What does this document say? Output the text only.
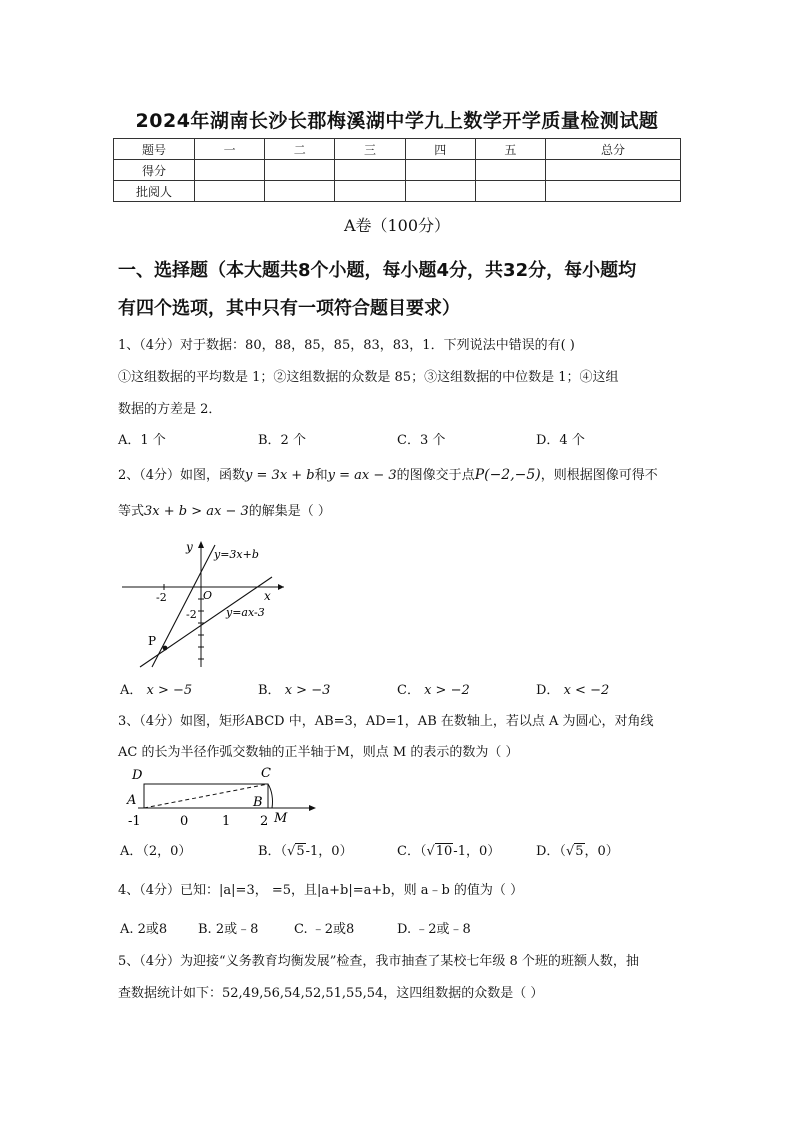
2024年湖南长沙长郡梅溪湖中学九上数学开学质量检测试题
题号	一	二	三	四	五	总分
得分						
批阅人						
A卷（100分）
一、选择题（本大题共8个小题，每小题4分，共32分，每小题均
有四个选项，其中只有一项符合题目要求）
1、（4分）对于数据：80，88，85，85，83，83，1．下列说法中错误的有( )
①这组数据的平均数是 1；②这组数据的众数是 85；③这组数据的中位数是 1；④这组
数据的方差是 2．
A．1 个	B．2 个	C．3 个	D．4 个
2、（4分）如图，函数y = 3x + b和y = ax − 3的图像交于点P(−2,−5)，则根据图像可得不
等式3x + b > ax − 3的解集是（ ）
y
x
O
y=3x+b
y=ax-3
-2
-2
P
A． x > −5	B． x > −3	C． x > −2	D． x < −2
3、（4分）如图，矩形ABCD 中，AB=3，AD=1，AB 在数轴上，若以点 A 为圆心，对角线
AC 的长为半径作弧交数轴的正半轴于M，则点 M 的表示的数为（ ）
D	C
A	B
M
-1	0	1 2
A．（2，0）	B．（√5-1，0）	C．（√10-1，0）	D．（√5，0）
4、（4分）已知：|a|=3， =5，且|a+b|=a+b，则 a﹣b 的值为（ ）
A. 2或8 B. 2或﹣8	C. ﹣2或8	D. ﹣2或﹣8
5、（4分）为迎接“义务教育均衡发展”检查，我市抽查了某校七年级 8 个班的班额人数，抽
查数据统计如下：52,49,56,54,52,51,55,54，这四组数据的众数是（ ）
